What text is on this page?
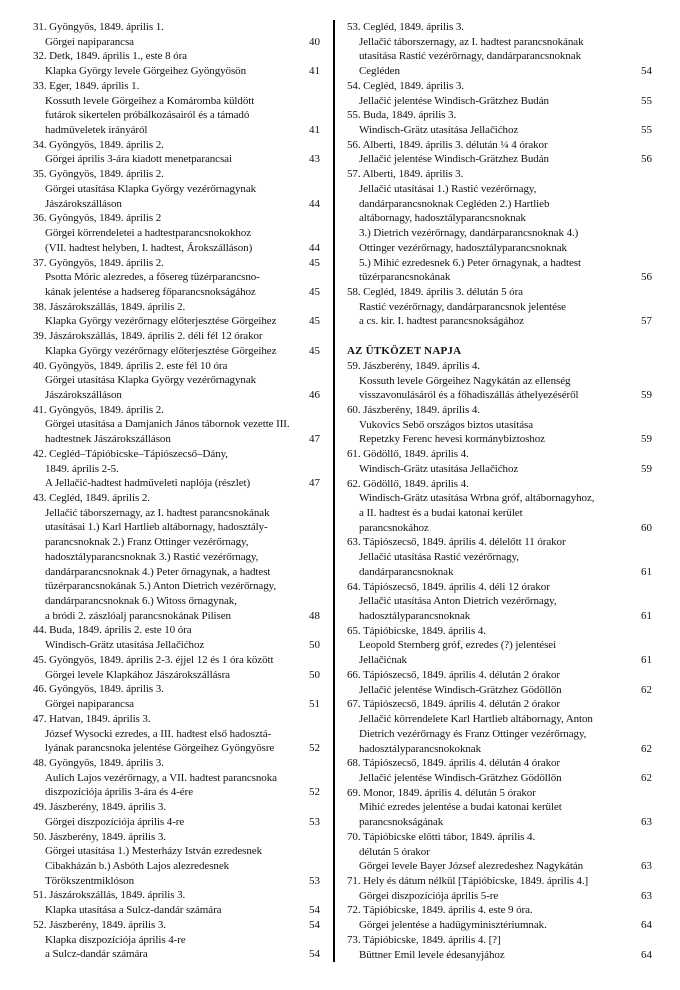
31. Gyöngyös, 1849. április 1.
Görgei napiparancsa	40
32. Detk, 1849. április 1., este 8 óra
Klapka György levele Görgeihez Gyöngyösön	41
33. Eger, 1849. április 1.
Kossuth levele Görgeihez a Komáromba küldött
futárok sikertelen próbálkozásairól és a támadó
hadműveletek irányáról	41
34. Gyöngyös, 1849. április 2.
Görgei április 3-ára kiadott menetparancsai	43
35. Gyöngyös, 1849. április 2.
Görgei utasítása Klapka György vezérőrnagynak
Jászárokszálláson	44
36. Gyöngyös, 1849. április 2
Görgei körrendeletei a hadtestparancsnokokhoz
(VII. hadtest helyben, I. hadtest, Árokszálláson)	44
37. Gyöngyös, 1849. április 2.	45
Psotta Móric alezredes, a fősereg tüzérparancsno-
kának jelentése a hadsereg főparancsnokságához	45
38. Jászárokszállás, 1849. április 2.
Klapka György vezérőrnagy előterjesztése Görgeihez	45
39. Jászárokszállás, 1849. április 2. déli fél 12 órakor
Klapka György vezérőrnagy előterjesztése Görgeihez	45
40. Gyöngyös, 1849. április 2. este fél 10 óra
Görgei utasítása Klapka György vezérőrnagynak
Jászárokszálláson	46
41. Gyöngyös, 1849. április 2.
Görgei utasítása a Damjanich János tábornok vezette III.
hadtestnek Jászárokszálláson	47
42. Cegléd–Tápióbicske–Tápiószecső–Dány,
1849. április 2-5.
A Jellačić-hadtest hadműveleti naplója (részlet)	47
43. Cegléd, 1849. április 2.
Jellačić táborszernagy, az I. hadtest parancsnokának
utasításai 1.) Karl Hartlieb altábornagy, hadosztály-
parancsnoknak 2.) Franz Ottinger vezérőrnagy,
hadosztályparancsnoknak 3.) Rastić vezérőrnagy,
dandárparancsnoknak 4.) Peter őrnagynak, a hadtest
tüzérparancsnokának 5.) Anton Dietrich vezérőrnagy,
dandárparancsnoknak 6.) Witoss őrnagynak,
a bródi 2. zászlóalj parancsnokának Pilisen	48
44. Buda, 1849. április 2. este 10 óra
Windisch-Grätz utasítása Jellačićhoz	50
45. Gyöngyös, 1849. április 2-3. éjjel 12 és 1 óra között
Görgei levele Klapkához Jászárokszállásra	50
46. Gyöngyös, 1849. április 3.
Görgei napiparancsa	51
47. Hatvan, 1849. április 3.
József Wysocki ezredes, a III. hadtest első hadosztá-
lyának parancsnoka jelentése Görgeihez Gyöngyösre	52
48. Gyöngyös, 1849. április 3.
Aulich Lajos vezérőrnagy, a VII. hadtest parancsnoka
diszpozíciója április 3-ára és 4-ére	52
49. Jászberény, 1849. április 3.
Görgei diszpozíciója április 4-re	53
50. Jászberény, 1849. április 3.
Görgei utasítása 1.) Mesterházy István ezredesnek
Cibakházán b.) Asbóth Lajos alezredesnek
Törökszentmiklóson	53
51. Jászárokszállás, 1849. április 3.
Klapka utasítása a Sulcz-dandár számára	54
52. Jászberény, 1849. április 3.	54
Klapka diszpozíciója április 4-re
a Sulcz-dandár számára	54
53. Cegléd, 1849. április 3.
Jellačić táborszernagy, az I. hadtest parancsnokának
utasítása Rastić vezérőrnagy, dandárparancsnoknak
Cegléden	54
54. Cegléd, 1849. április 3.
Jellačić jelentése Windisch-Grätzhez Budán	55
55. Buda, 1849. április 3.
Windisch-Grätz utasítása Jellačićhoz	55
56. Alberti, 1849. április 3. délután ¼ 4 órakor
Jellačić jelentése Windisch-Grätzhez Budán	56
57. Alberti, 1849. április 3.
Jellačić utasításai 1.) Rastić vezérőrnagy,
dandárparancsnoknak Cegléden 2.) Hartlieb
altábornagy, hadosztályparancsnoknak
3.) Dietrich vezérőrnagy, dandárparancsnoknak 4.)
Ottinger vezérőrnagy, hadosztályparancsnoknak
5.) Mihić ezredesnek 6.) Peter őrnagynak, a hadtest
tüzérparancsnokának	56
58. Cegléd, 1849. április 3. délután 5 óra
Rastić vezérőrnagy, dandárparancsnok jelentése
a cs. kir. I. hadtest parancsnokságához	57
AZ ÜTKÖZET NAPJA
59. Jászberény, 1849. április 4.
Kossuth levele Görgeihez Nagykátán az ellenség
visszavonulásáról és a főhadiszállás áthelyezéséről	59
60. Jászberény, 1849. április 4.
Vukovics Sebő országos biztos utasítása
Repetzky Ferenc hevesi kormánybiztoshoz	59
61. Gödöllő, 1849. április 4.
Windisch-Grätz utasítása Jellačićhoz	59
62. Gödöllő, 1849. április 4.
Windisch-Grätz utasítása Wrbna gróf, altábornagyhoz,
a II. hadtest és a budai katonai kerület
parancsnokához	60
63. Tápiószecső, 1849. április 4. délelőtt 11 órakor
Jellačić utasítása Rastić vezérőrnagy,
dandárparancsnoknak	61
64. Tápiószecső, 1849. április 4. déli 12 órakor
Jellačić utasítása Anton Dietrich vezérőrnagy,
hadosztályparancsnoknak	61
65. Tápióbicske, 1849. április 4.
Leopold Sternberg gróf, ezredes (?) jelentései
Jellačićnak	61
66. Tápiószecső, 1849. április 4. délután 2 órakor
Jellačić jelentése Windisch-Grätzhez Gödöllőn	62
67. Tápiószecső, 1849. április 4. délután 2 órakor
Jellačić körrendelete Karl Hartlieb altábornagy, Anton
Dietrich vezérőrnagy és Franz Ottinger vezérőrnagy,
hadosztályparancsnokoknak	62
68. Tápiószecső, 1849. április 4. délután 4 órakor
Jellačić jelentése Windisch-Grätzhez Gödöllőn	62
69. Monor, 1849. április 4. délután 5 órakor
Mihić ezredes jelentése a budai katonai kerület
parancsnokságának	63
70. Tápióbicske előtti tábor, 1849. április 4.
délután 5 órakor
Görgei levele Bayer József alezredeshez Nagykátán	63
71. Hely és dátum nélkül [Tápióbicske, 1849. április 4.]
Görgei diszpozíciója április 5-re	63
72. Tápióbicske, 1849. április 4. este 9 óra.
Görgei jelentése a hadügyminisztériumnak.	64
73. Tápióbicske, 1849. április 4. [?]
Büttner Emil levele édesanyjához	64
